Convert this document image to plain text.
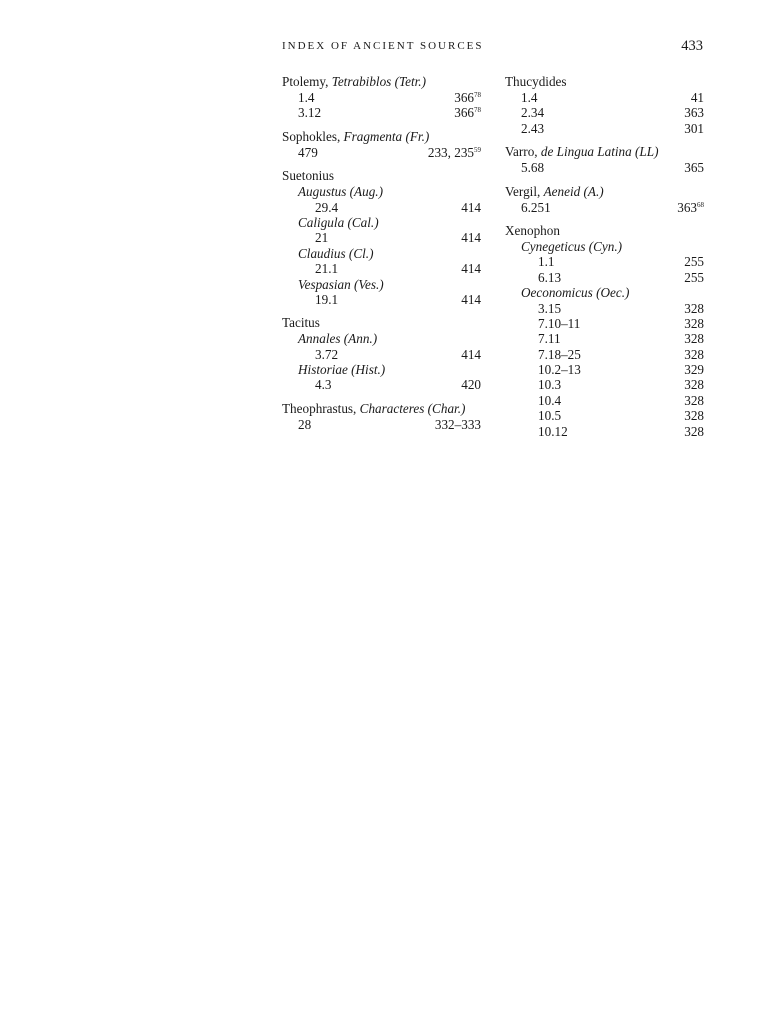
INDEX OF ANCIENT SOURCES	433
Ptolemy, Tetrabiblos (Tetr.)
1.4	$366^{78}$
3.12	$366^{78}$
Sophokles, Fragmenta (Fr.)
479	233, $235^{59}$
Suetonius
Augustus (Aug.)
29.4	414
Caligula (Cal.)
21	414
Claudius (Cl.)
21.1	414
Vespasian (Ves.)
19.1	414
Tacitus
Annales (Ann.)
3.72	414
Historiae (Hist.)
4.3	420
Theophrastus, Characteres (Char.)
28	332–333
Thucydides
1.4	41
2.34	363
2.43	301
Varro, de Lingua Latina (LL)
5.68	365
Vergil, Aeneid (A.)
6.251	$363^{68}$
Xenophon
Cynegeticus (Cyn.)
1.1	255
6.13	255
Oeconomicus (Oec.)
3.15	328
7.10–11	328
7.11	328
7.18–25	328
10.2–13	329
10.3	328
10.4	328
10.5	328
10.12	328
